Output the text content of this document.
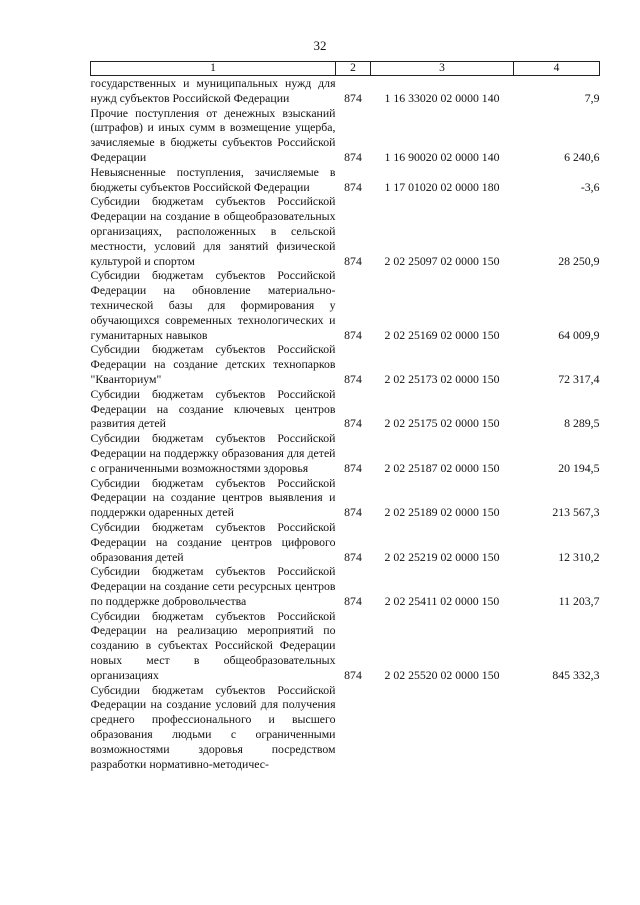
32
1	2	3	4
государственных и муниципальных нужд для нужд субъектов Российской Федерации	874	1 16 33020 02 0000 140	7,9
Прочие поступления от денежных взысканий (штрафов) и иных сумм в возмещение ущерба, зачисляемые в бюджеты субъектов Российской Федерации	874	1 16 90020 02 0000 140	6 240,6
Невыясненные поступления, зачисляемые в бюджеты субъектов Российской Федерации	874	1 17 01020 02 0000 180	-3,6
Субсидии бюджетам субъектов Российской Федерации на создание в общеобразовательных организациях, расположенных в сельской местности, условий для занятий физической культурой и спортом	874	2 02 25097 02 0000 150	28 250,9
Субсидии бюджетам субъектов Российской Федерации на обновление материально-технической базы для формирования у обучающихся современных технологических и гуманитарных навыков	874	2 02 25169 02 0000 150	64 009,9
Субсидии бюджетам субъектов Российской Федерации на создание детских технопарков "Кванториум"	874	2 02 25173 02 0000 150	72 317,4
Субсидии бюджетам субъектов Российской Федерации на создание ключевых центров развития детей	874	2 02 25175 02 0000 150	8 289,5
Субсидии бюджетам субъектов Российской Федерации на поддержку образования для детей с ограниченными возможностями здоровья	874	2 02 25187 02 0000 150	20 194,5
Субсидии бюджетам субъектов Российской Федерации на создание центров выявления и поддержки одаренных детей	874	2 02 25189 02 0000 150	213 567,3
Субсидии бюджетам субъектов Российской Федерации на создание центров цифрового образования детей	874	2 02 25219 02 0000 150	12 310,2
Субсидии бюджетам субъектов Российской Федерации на создание сети ресурсных центров по поддержке добровольчества	874	2 02 25411 02 0000 150	11 203,7
Субсидии бюджетам субъектов Российской Федерации на реализацию мероприятий по созданию в субъектах Российской Федерации новых мест в общеобразовательных организациях	874	2 02 25520 02 0000 150	845 332,3
Субсидии бюджетам субъектов Российской Федерации на создание условий для получения среднего профессионального и высшего образования людьми с ограниченными возможностями здоровья посредством разработки нормативно-методичес-			
